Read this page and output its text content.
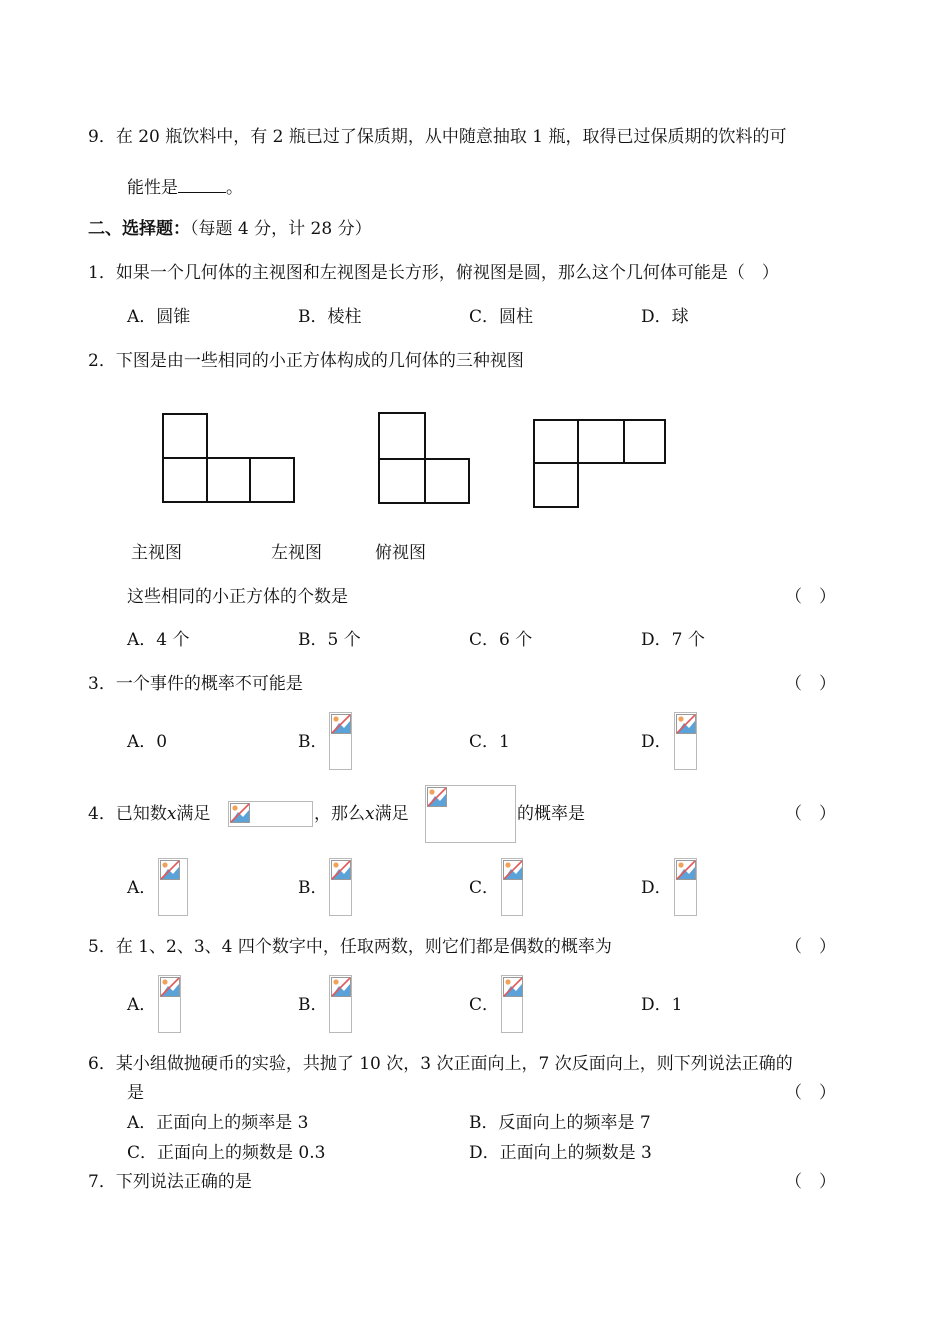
9．在 20 瓶饮料中，有 2 瓶已过了保质期，从中随意抽取 1 瓶，取得已过保质期的饮料的可
能性是	。
二、选择题：（每题 4 分，计 28 分）
1．如果一个几何体的主视图和左视图是长方形，俯视图是圆，那么这个几何体可能是（　）
A．圆锥	B．棱柱	C．圆柱	D．球
2．下图是由一些相同的小正方体构成的几何体的三种视图
主视图	左视图	俯视图
这些相同的小正方体的个数是	（　）
A．4 个	B．5 个	C．6 个	D．7 个
3．一个事件的概率不可能是	（　）
A．0	B．	C．1	D．
4．已知数x满足	，那么x满足	的概率是	（　）
A．	B．	C．	D．
5．在 1、2、3、4 四个数字中，任取两数，则它们都是偶数的概率为	（　）
A．	B．	C．	D．1
6．某小组做抛硬币的实验，共抛了 10 次，3 次正面向上，7 次反面向上，则下列说法正确的
是	（　）
A．正面向上的频率是 3	B．反面向上的频率是 7
C．正面向上的频数是 0.3	D．正面向上的频数是 3
7．下列说法正确的是	（　）
